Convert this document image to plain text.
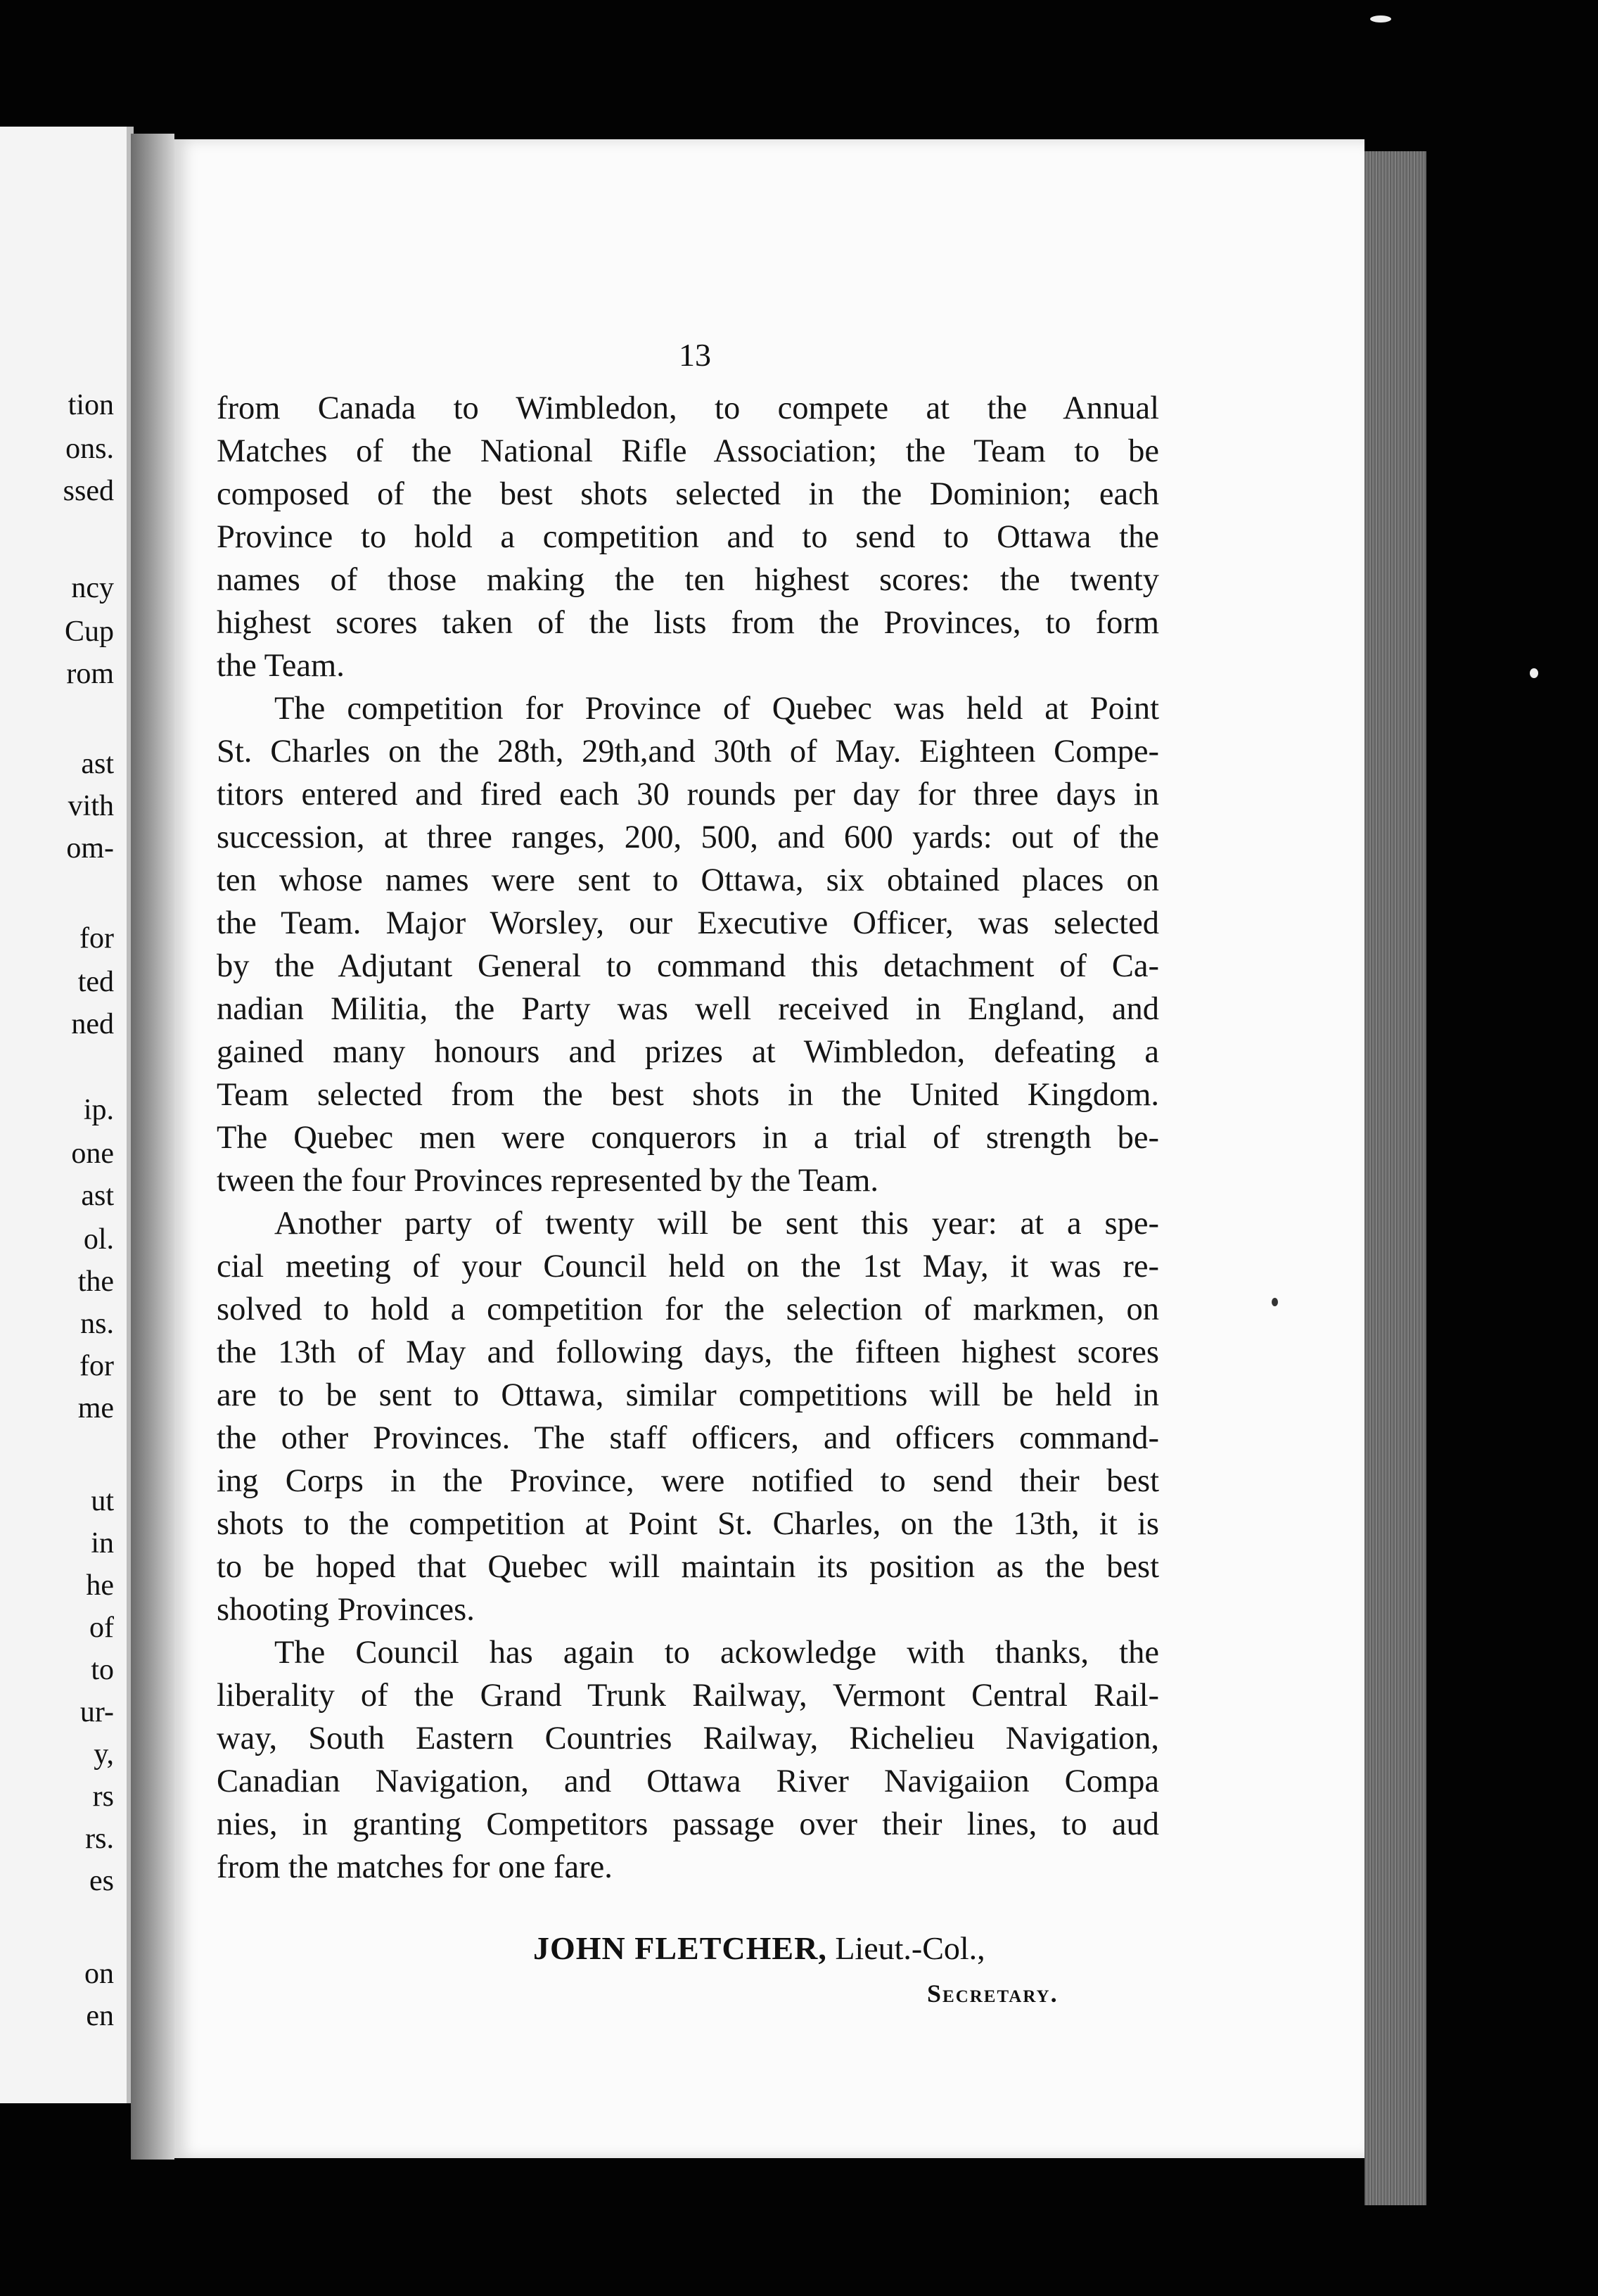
tion
ons.
ssed
ncy
Cup
rom
ast
vith
om-
for
ted
ned
ip.
one
ast
ol.
the
ns.
for
me
ut
in
he
of
to
ur-
y,
rs
rs.
es
on
en
13
from Canada to Wimbledon, to compete at the Annual
Matches of the National Rifle Association; the Team to be
composed of the best shots selected in the Dominion; each
Province to hold a competition and to send to Ottawa the
names of those making the ten highest scores: the twenty
highest scores taken of the lists from the Provinces, to form
the Team.
The competition for Province of Quebec was held at Point
St. Charles on the 28th, 29th,and 30th of May. Eighteen Compe-
titors entered and fired each 30 rounds per day for three days in
succession, at three ranges, 200, 500, and 600 yards: out of the
ten whose names were sent to Ottawa, six obtained places on
the Team. Major Worsley, our Executive Officer, was selected
by the Adjutant General to command this detachment of Ca-
nadian Militia, the Party was well received in England, and
gained many honours and prizes at Wimbledon, defeating a
Team selected from the best shots in the United Kingdom.
The Quebec men were conquerors in a trial of strength be-
tween the four Provinces represented by the Team.
Another party of twenty will be sent this year: at a spe-
cial meeting of your Council held on the 1st May, it was re-
solved to hold a competition for the selection of markmen, on
the 13th of May and following days, the fifteen highest scores
are to be sent to Ottawa, similar competitions will be held in
the other Provinces. The staff officers, and officers command-
ing Corps in the Province, were notified to send their best
shots to the competition at Point St. Charles, on the 13th, it is
to be hoped that Quebec will maintain its position as the best
shooting Provinces.
The Council has again to ackowledge with thanks, the
liberality of the Grand Trunk Railway, Vermont Central Rail-
way, South Eastern Countries Railway, Richelieu Navigation,
Canadian Navigation, and Ottawa River Navigaiion Compa
nies, in granting Competitors passage over their lines, to aud
from the matches for one fare.
JOHN FLETCHER, Lieut.-Col.,
Secretary.
